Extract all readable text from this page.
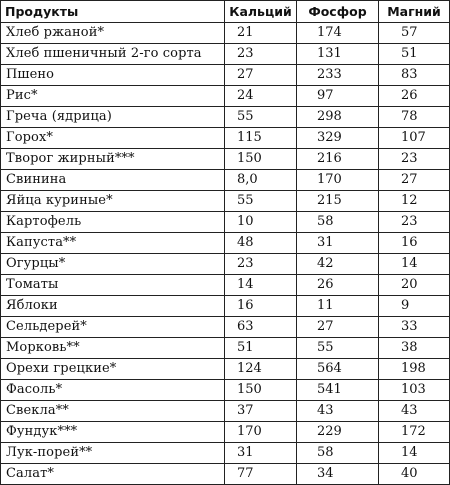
Продукты	Кальций	Фосфор	Магний
Хлеб ржаной*	21	174	57
Хлеб пшеничный 2-го сорта	23	131	51
Пшено	27	233	83
Рис*	24	97	26
Греча (ядрица)	55	298	78
Горох*	115	329	107
Творог жирный***	150	216	23
Свинина	8,0	170	27
Яйца куриные*	55	215	12
Картофель	10	58	23
Капуста**	48	31	16
Огурцы*	23	42	14
Томаты	14	26	20
Яблоки	16	11	9
Сельдерей*	63	27	33
Морковь**	51	55	38
Орехи грецкие*	124	564	198
Фасоль*	150	541	103
Свекла**	37	43	43
Фундук***	170	229	172
Лук-порей**	31	58	14
Салат*	77	34	40
